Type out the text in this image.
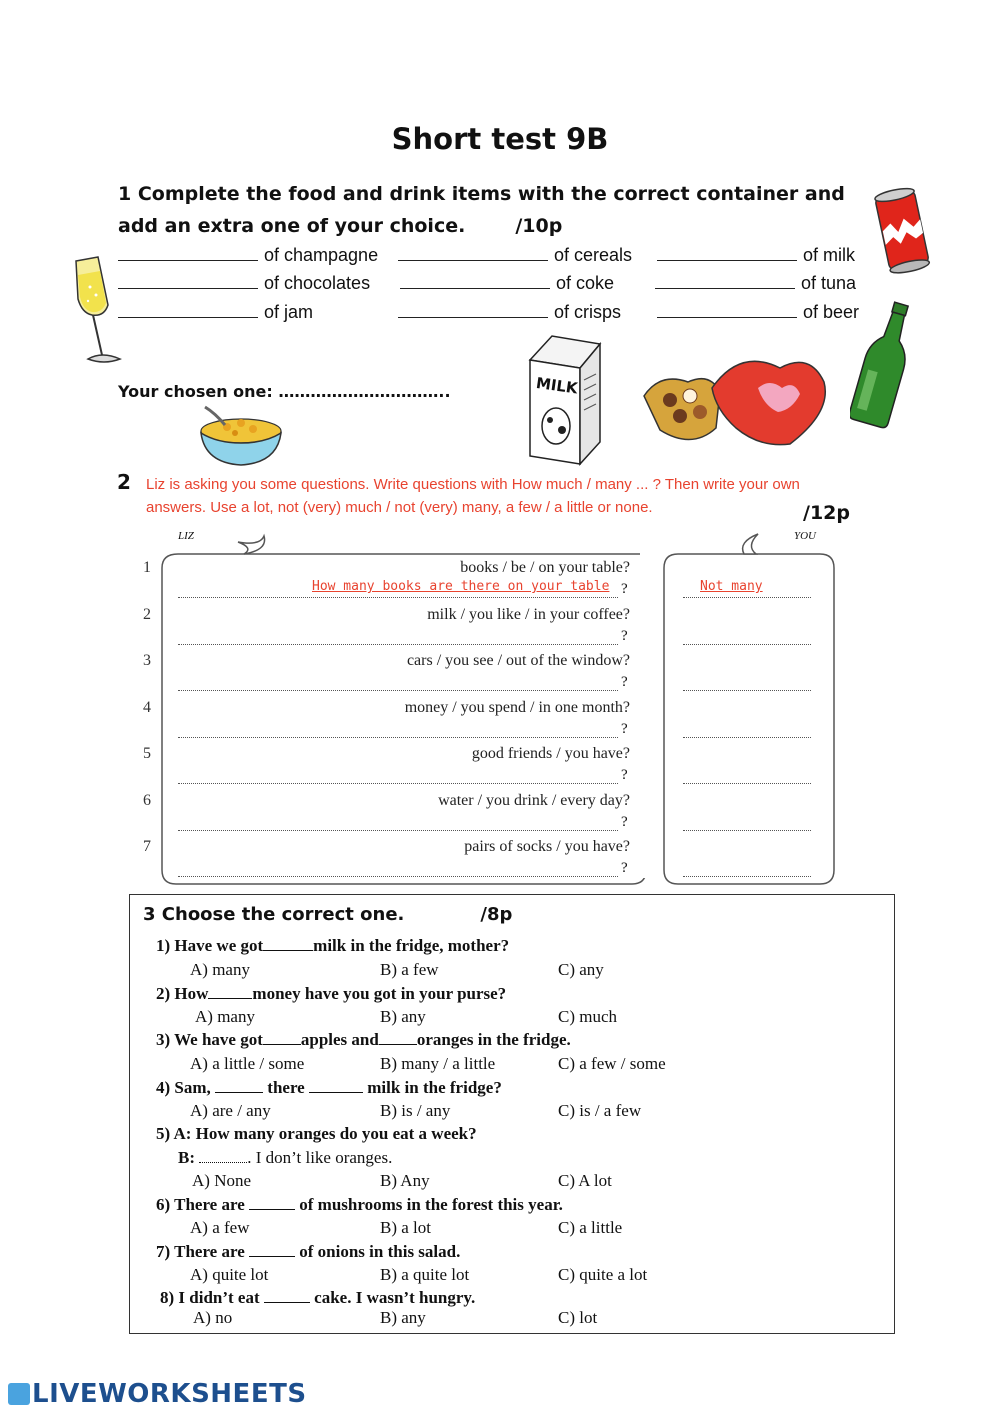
Short test 9B
1 Complete the food and drink items with the correct container and add an extra one of your choice.	/10p
of champagne	of cereals	of milk
of chocolates	of coke	of tuna
of jam	of crisps	of beer
Your chosen one: …………………………..	MILK
2 Liz is asking you some questions. Write questions with How much / many ... ? Then write your own answers. Use a lot, not (very) much / not (very) many, a few / a little or none.	/12p
LIZ	YOU
1	books / be / on your table?
?
How many books are there on your table	Not many
2	milk / you like / in your coffee?
?
3	cars / you see / out of the window?
?
4	money / you spend / in one month?
?
5	good friends / you have?
?
6	water / you drink / every day?
?
7	pairs of socks / you have?
?
3 Choose the correct one.	/8p
1) Have we got	milk in the fridge, mother?
A) many	B) a few	C) any
2) How	money have you got in your purse?
A) many	B) any	C) much
3) We have got apples and oranges in the fridge.
A) a little / some	B) many / a little	C) a few / some
4) Sam,	there	milk in the fridge?
A) are / any	B) is / any	C) is / a few
5) A: How many oranges do you eat a week?
B:	. I don’t like oranges.
A) None	B) Any	C) A lot
6) There are	of mushrooms in the forest this year.
A) a few	B) a lot	C) a little
7) There are	of onions in this salad.
A) quite lot	B) a quite lot	C) quite a lot
8) I didn’t eat	cake. I wasn’t hungry.
A) no	B) any	C) lot
LIVEWORKSHEETS
